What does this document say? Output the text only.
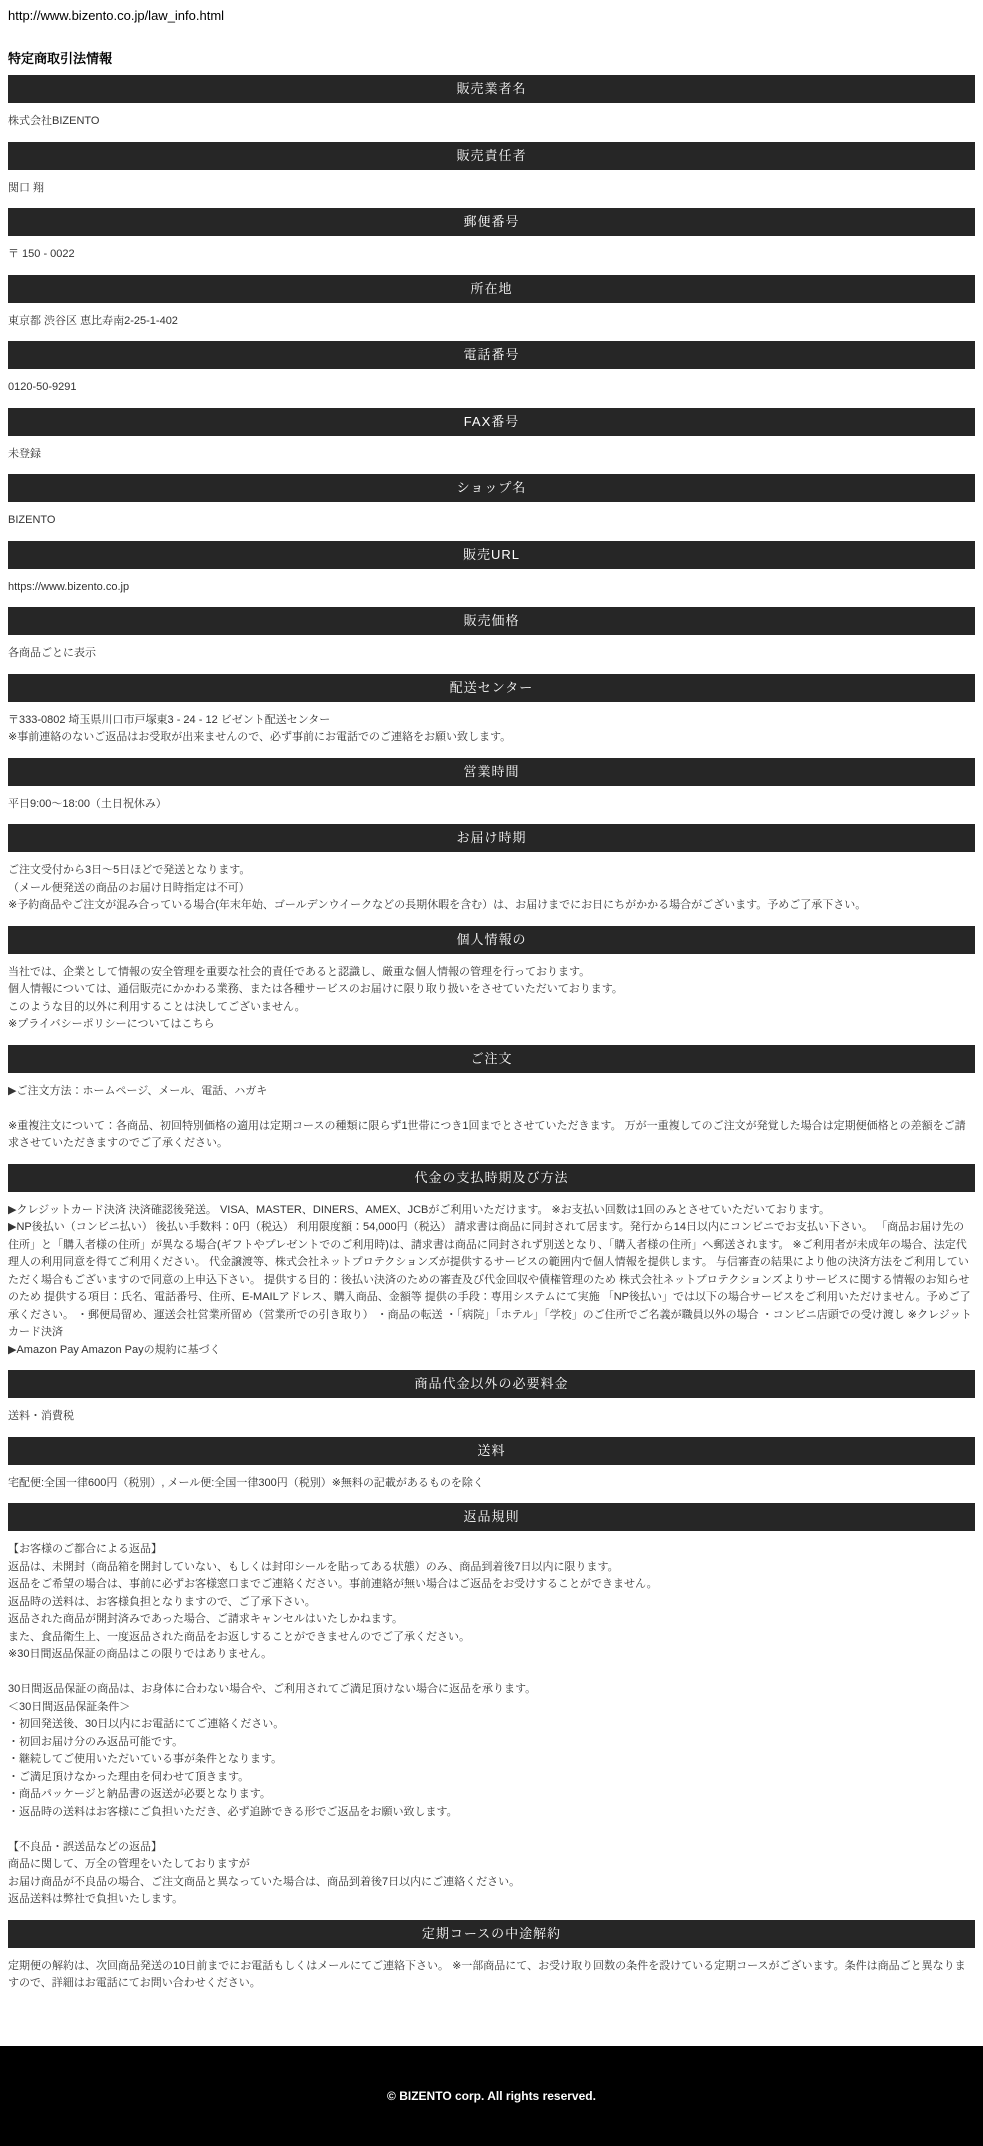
http://www.bizento.co.jp/law_info.html
特定商取引法情報
販売業者名
株式会社BIZENTO
販売責任者
関口 翔
郵便番号
〒 150 - 0022
所在地
東京都 渋谷区 恵比寿南2-25-1-402
電話番号
0120-50-9291
FAX番号
未登録
ショップ名
BIZENTO
販売URL
https://www.bizento.co.jp
販売価格
各商品ごとに表示
配送センター
〒333-0802 埼玉県川口市戸塚東3 - 24 - 12 ビゼント配送センター
※事前連絡のないご返品はお受取が出来ませんので、必ず事前にお電話でのご連絡をお願い致します。
営業時間
平日9:00～18:00（土日祝休み）
お届け時期
ご注文受付から3日～5日ほどで発送となります。
（メール便発送の商品のお届け日時指定は不可）
※予約商品やご注文が混み合っている場合(年末年始、ゴールデンウイークなどの長期休暇を含む）は、お届けまでにお日にちがかかる場合がございます。予めご了承下さい。
個人情報の
当社では、企業として情報の安全管理を重要な社会的責任であると認識し、厳重な個人情報の管理を行っております。
個人情報については、通信販売にかかわる業務、または各種サービスのお届けに限り取り扱いをさせていただいております。
このような目的以外に利用することは決してございません。
※プライバシーポリシーについてはこちら
ご注文
▶ご注文方法：ホームページ、メール、電話、ハガキ
※重複注文について：各商品、初回特別価格の適用は定期コースの種類に限らず1世帯につき1回までとさせていただきます。 万が一重複してのご注文が発覚した場合は定期便価格との差額をご請求させていただきますのでご了承ください。
代金の支払時期及び方法
▶クレジットカード決済 決済確認後発送。 VISA、MASTER、DINERS、AMEX、JCBがご利用いただけます。 ※お支払い回数は1回のみとさせていただいております。
▶NP後払い（コンビニ払い） 後払い手数料：0円（税込） 利用限度額：54,000円（税込） 請求書は商品に同封されて居ます。発行から14日以内にコンビニでお支払い下さい。 「商品お届け先の住所」と「購入者様の住所」が異なる場合(ギフトやプレゼントでのご利用時)は、請求書は商品に同封されず別送となり、「購入者様の住所」へ郵送されます。 ※ご利用者が未成年の場合、法定代理人の利用同意を得てご利用ください。 代金譲渡等、株式会社ネットプロテクションズが提供するサービスの範囲内で個人情報を提供します。 与信審査の結果により他の決済方法をご利用していただく場合もございますので同意の上申込下さい。 提供する目的：後払い決済のための審査及び代金回収や債権管理のため 株式会社ネットプロテクションズよりサービスに関する情報のお知らせのため 提供する項目：氏名、電話番号、住所、E-MAILアドレス、購入商品、金額等 提供の手段：専用システムにて実施 「NP後払い」では以下の場合サービスをご利用いただけません。予めご了承ください。 ・郵便局留め、運送会社営業所留め（営業所での引き取り） ・商品の転送 ・「病院」「ホテル」「学校」のご住所でご名義が職員以外の場合 ・コンビニ店頭での受け渡し ※クレジットカード決済
▶Amazon Pay Amazon Payの規約に基づく
商品代金以外の必要料金
送料・消費税
送料
宅配便:全国一律600円（税別）, メール便:全国一律300円（税別）※無料の記載があるものを除く
返品規則
【お客様のご都合による返品】
返品は、未開封（商品箱を開封していない、もしくは封印シールを貼ってある状態）のみ、商品到着後7日以内に限ります。
返品をご希望の場合は、事前に必ずお客様窓口までご連絡ください。事前連絡が無い場合はご返品をお受けすることができません。
返品時の送料は、お客様負担となりますので、ご了承下さい。
返品された商品が開封済みであった場合、ご請求キャンセルはいたしかねます。
また、食品衛生上、一度返品された商品をお返しすることができませんのでご了承ください。
※30日間返品保証の商品はこの限りではありません。
30日間返品保証の商品は、お身体に合わない場合や、ご利用されてご満足頂けない場合に返品を承ります。
＜30日間返品保証条件＞
・初回発送後、30日以内にお電話にてご連絡ください。
・初回お届け分のみ返品可能です。
・継続してご使用いただいている事が条件となります。
・ご満足頂けなかった理由を伺わせて頂きます。
・商品パッケージと納品書の返送が必要となります。
・返品時の送料はお客様にご負担いただき、必ず追跡できる形でご返品をお願い致します。
【不良品・誤送品などの返品】
商品に関して、万全の管理をいたしておりますが
お届け商品が不良品の場合、ご注文商品と異なっていた場合は、商品到着後7日以内にご連絡ください。
返品送料は弊社で負担いたします。
定期コースの中途解約
定期便の解約は、次回商品発送の10日前までにお電話もしくはメールにてご連絡下さい。 ※一部商品にて、お受け取り回数の条件を設けている定期コースがございます。条件は商品ごと異なりますので、詳細はお電話にてお問い合わせください。
© BIZENTO corp. All rights reserved.
